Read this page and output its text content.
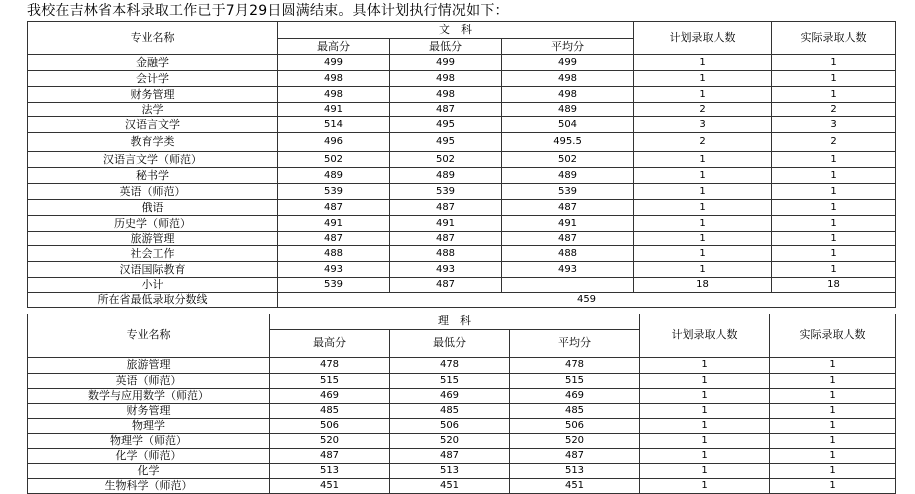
我校在吉林省本科录取工作已于7月29日圆满结束。具体计划执行情况如下：
专业名称	文　科			计划录取人数	实际录取人数
	最高分	最低分	平均分		
金融学	499	499	499	1	1
会计学	498	498	498	1	1
财务管理	498	498	498	1	1
法学	491	487	489	2	2
汉语言文学	514	495	504	3	3
教育学类	496	495	495.5	2	2
汉语言文学（师范）	502	502	502	1	1
秘书学	489	489	489	1	1
英语（师范）	539	539	539	1	1
俄语	487	487	487	1	1
历史学（师范）	491	491	491	1	1
旅游管理	487	487	487	1	1
社会工作	488	488	488	1	1
汉语国际教育	493	493	493	1	1
小计	539	487		18	18
所在省最低录取分数线	459				
专业名称	理　科			计划录取人数	实际录取人数
	最高分	最低分	平均分		
旅游管理	478	478	478	1	1
英语（师范）	515	515	515	1	1
数学与应用数学（师范）	469	469	469	1	1
财务管理	485	485	485	1	1
物理学	506	506	506	1	1
物理学（师范）	520	520	520	1	1
化学（师范）	487	487	487	1	1
化学	513	513	513	1	1
生物科学（师范）	451	451	451	1	1
